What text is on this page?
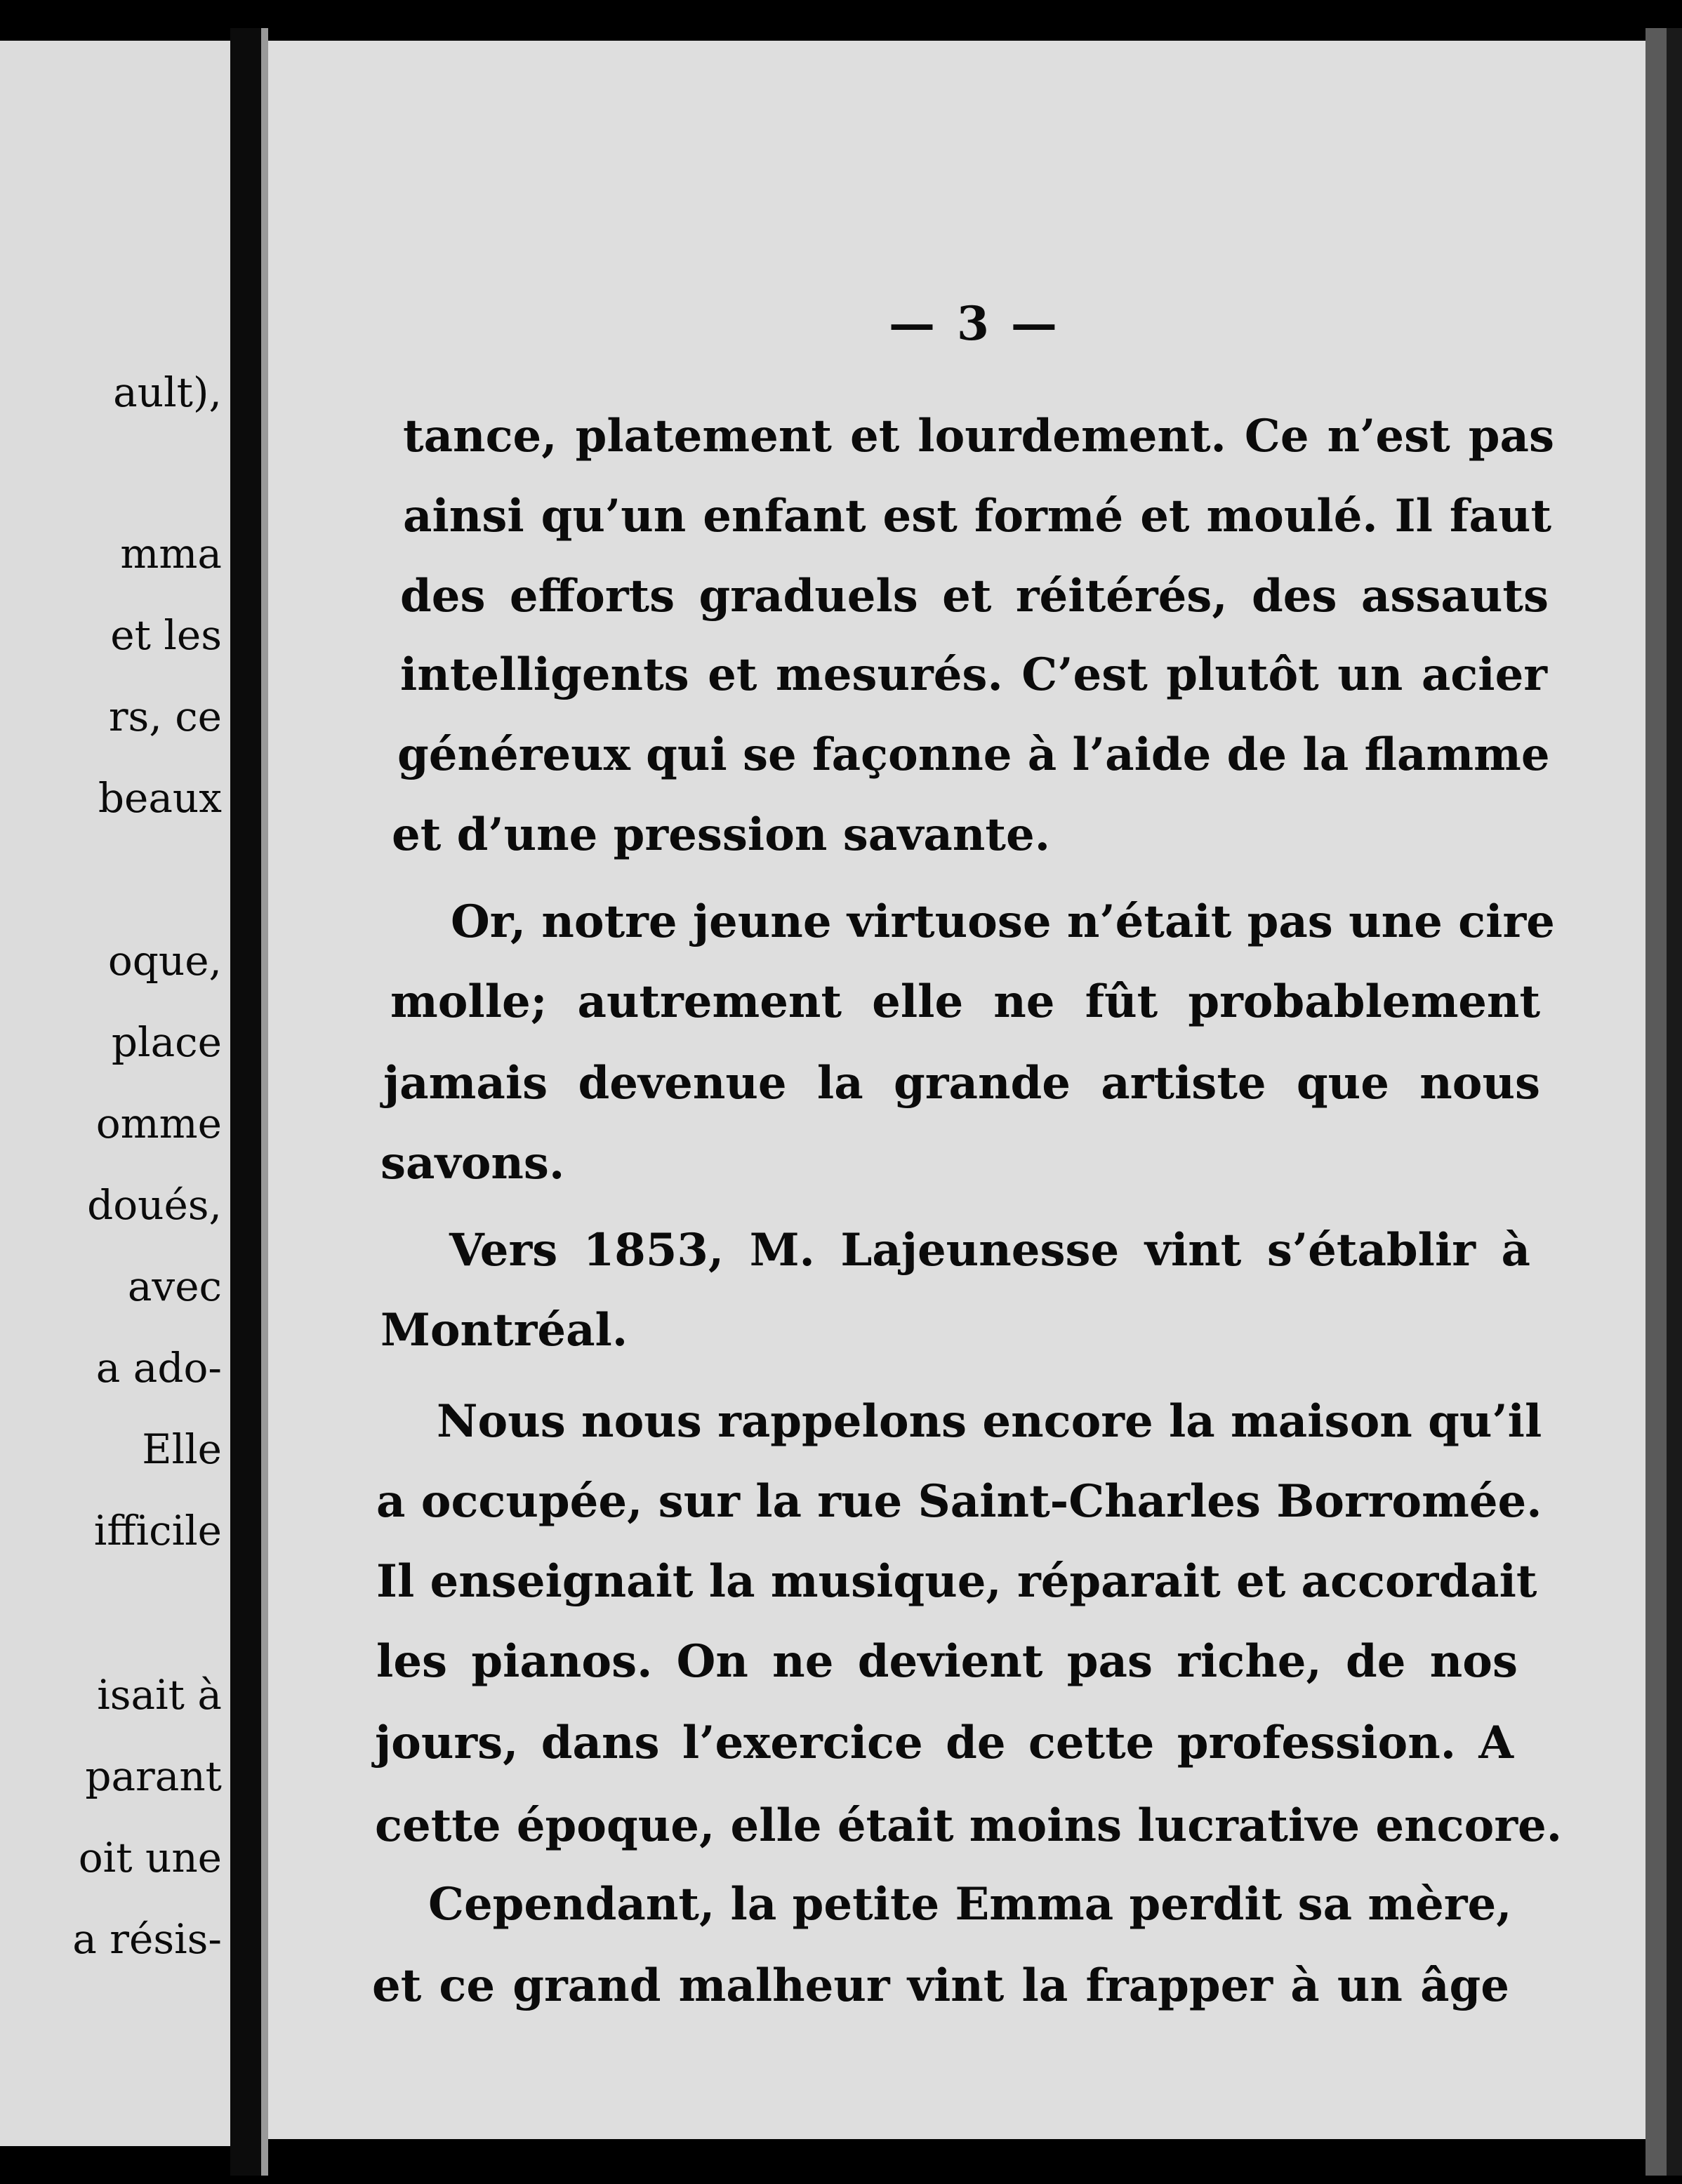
ault),
mma
et les
rs, ce
beaux
oque,
place
omme
doués,
avec
a ado-
Elle
ifficile
isait à
parant
oit une
a résis-
— 3 —
tance, platement et lourdement. Ce n’est pas
ainsi qu’un enfant est formé et moulé. Il faut
des efforts graduels et réitérés, des assauts
intelligents et mesurés. C’est plutôt un acier
généreux qui se façonne à l’aide de la flamme
et d’une pression savante.
Or, notre jeune virtuose n’était pas une cire
molle; autrement elle ne fût probablement
jamais devenue la grande artiste que nous
savons.
Vers 1853, M. Lajeunesse vint s’établir à
Montréal.
Nous nous rappelons encore la maison qu’il
a occupée, sur la rue Saint-Charles Borromée.
Il enseignait la musique, réparait et accordait
les pianos. On ne devient pas riche, de nos
jours, dans l’exercice de cette profession. A
cette époque, elle était moins lucrative encore.
Cependant, la petite Emma perdit sa mère,
et ce grand malheur vint la frapper à un âge
